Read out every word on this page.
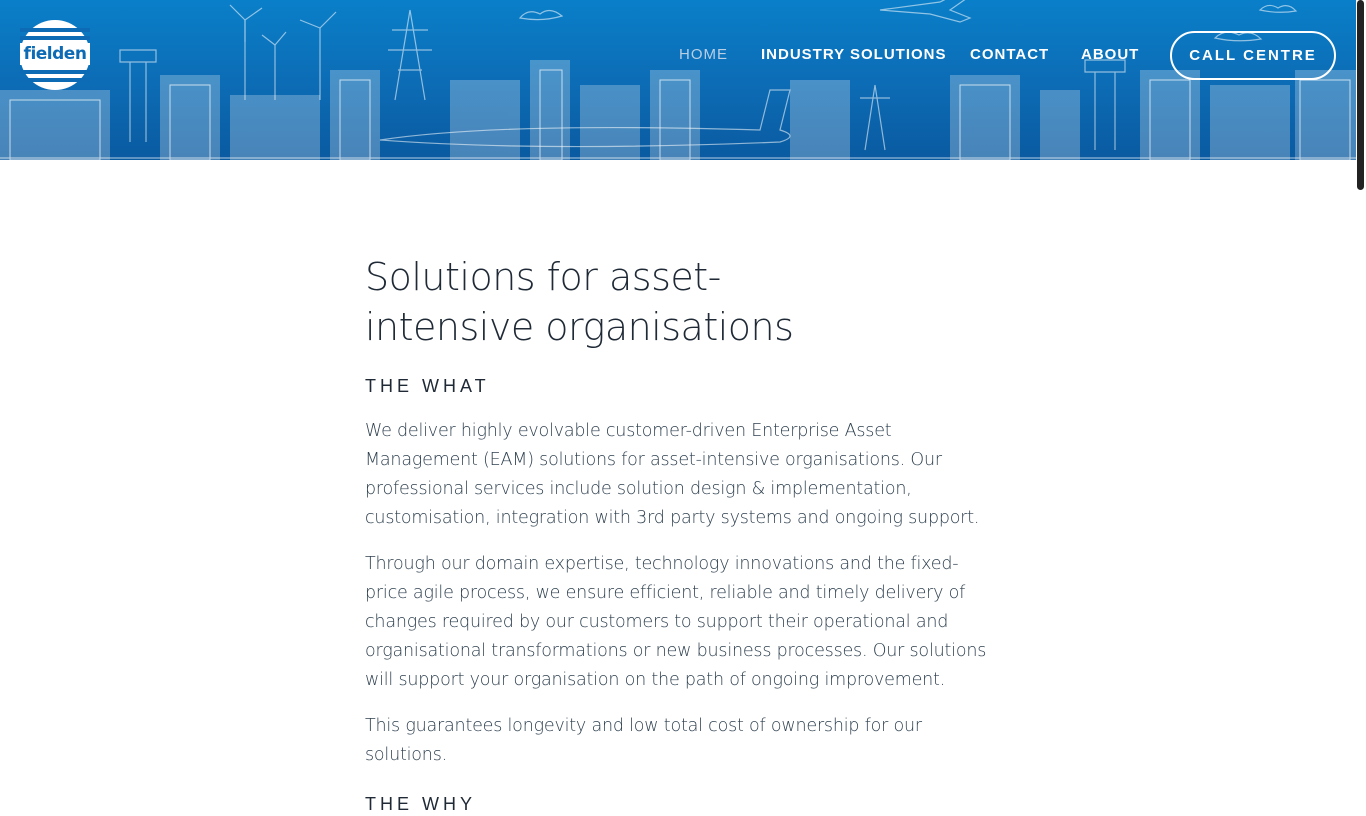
fielden	HOME INDUSTRY SOLUTIONS CONTACT ABOUT	CALL CENTRE
Solutions for asset-intensive organisations
THE WHAT

We deliver highly evolvable customer-driven Enterprise Asset Management (EAM) solutions for asset-intensive organisations. Our professional services include solution design & implementation, customisation, integration with 3rd party systems and ongoing support.

Through our domain expertise, technology innovations and the fixed-price agile process, we ensure efficient, reliable and timely delivery of changes required by our customers to support their operational and organisational transformations or new business processes. Our solutions will support your organisation on the path of ongoing improvement.

This guarantees longevity and low total cost of ownership for our solutions.

THE WHY
